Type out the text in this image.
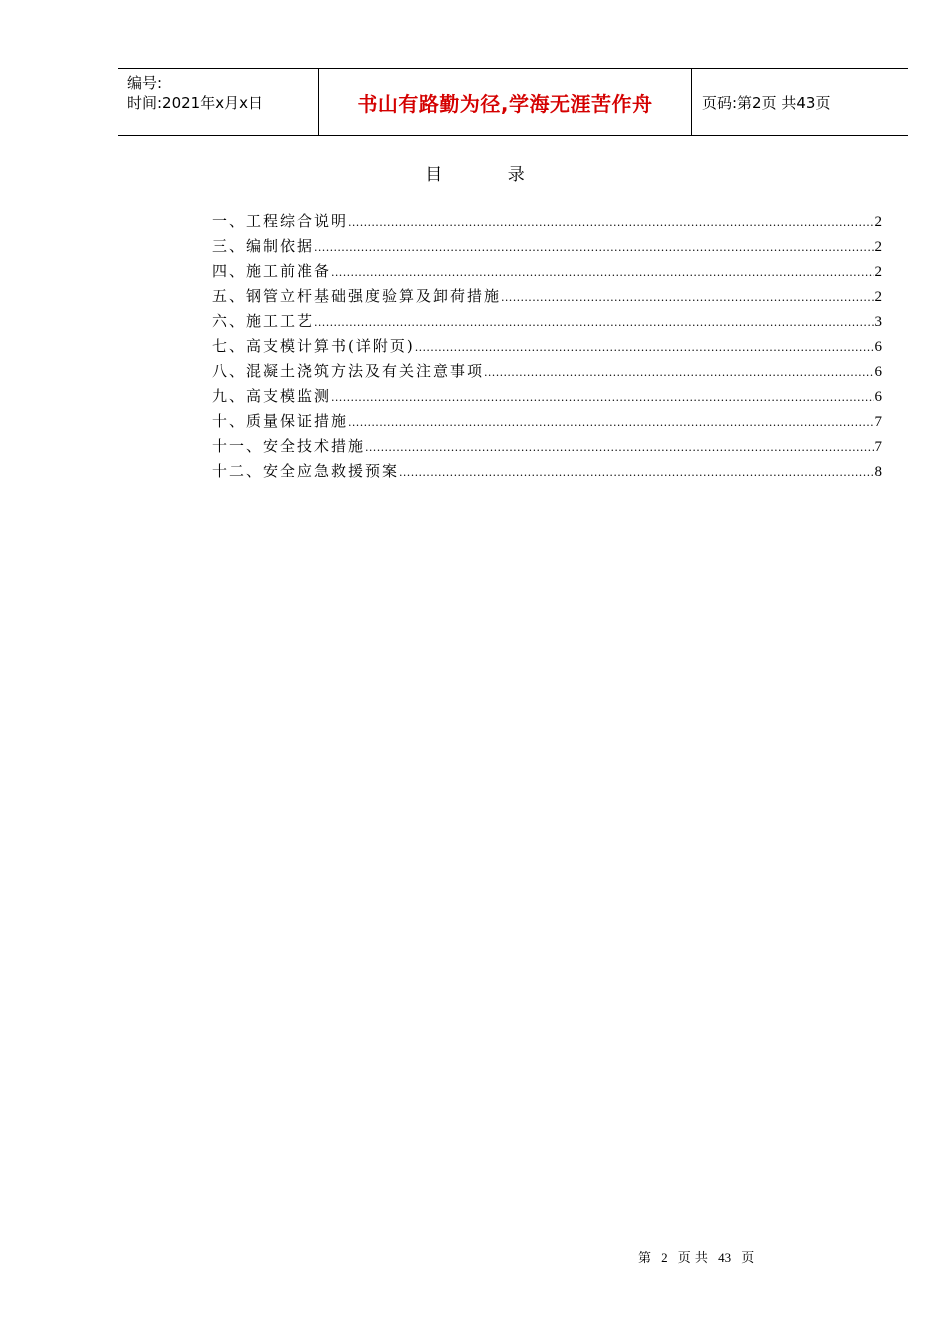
编号:
时间:2021年x月x日	书山有路勤为径,学海无涯苦作舟	页码:第2页 共43页
目 录
一、工程综合说明 .....	2
三、编制依据 .....	2
四、施工前准备 .....	2
五、钢管立杆基础强度验算及卸荷措施 .....	2
六、施工工艺 .....	3
七、高支模计算书(详附页) .....	6
八、混凝土浇筑方法及有关注意事项 .....	6
九、高支模监测 .....	6
十、质量保证措施 .....	7
十一、安全技术措施 .....	7
十二、安全应急救援预案 .....	8
第 2 页 共 43 页
